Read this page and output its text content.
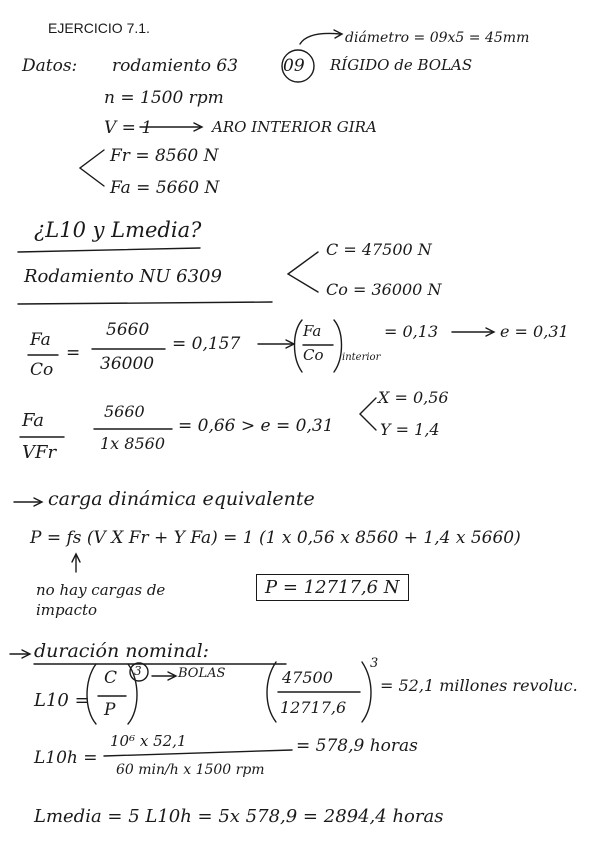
EJERCICIO 7.1.
diámetro = 09x5 = 45mm
Datos: rodamiento 63	09 RÍGIDO de BOLAS
n = 1500 rpm
V = 1	ARO INTERIOR GIRA
Fr = 8560 N
Fa = 5660 N
¿L10 y Lmedia?
Rodamiento NU 6309
C = 47500 N
Co = 36000 N
Fa
Co
=
5660
36000
= 0,157
Fa
Co interior
= 0,13	e = 0,31
Fa
VFr
5660
1x 8560
= 0,66 > e = 0,31
X = 0,56
Y = 1,4
carga dinámica equivalente
P = fs (V X Fr + Y Fa) = 1 (1 x 0,56 x 8560 + 1,4 x 5660)
no hay cargas de impacto
P = 12717,6 N
duración nominal:
L10 =
C
P
3	BOLAS	47500
12717,6
3
= 52,1 millones revoluc.
L10h =
10⁶ x 52,1
60 min/h x 1500 rpm
= 578,9 horas
Lmedia = 5 L10h = 5x 578,9 = 2894,4 horas
